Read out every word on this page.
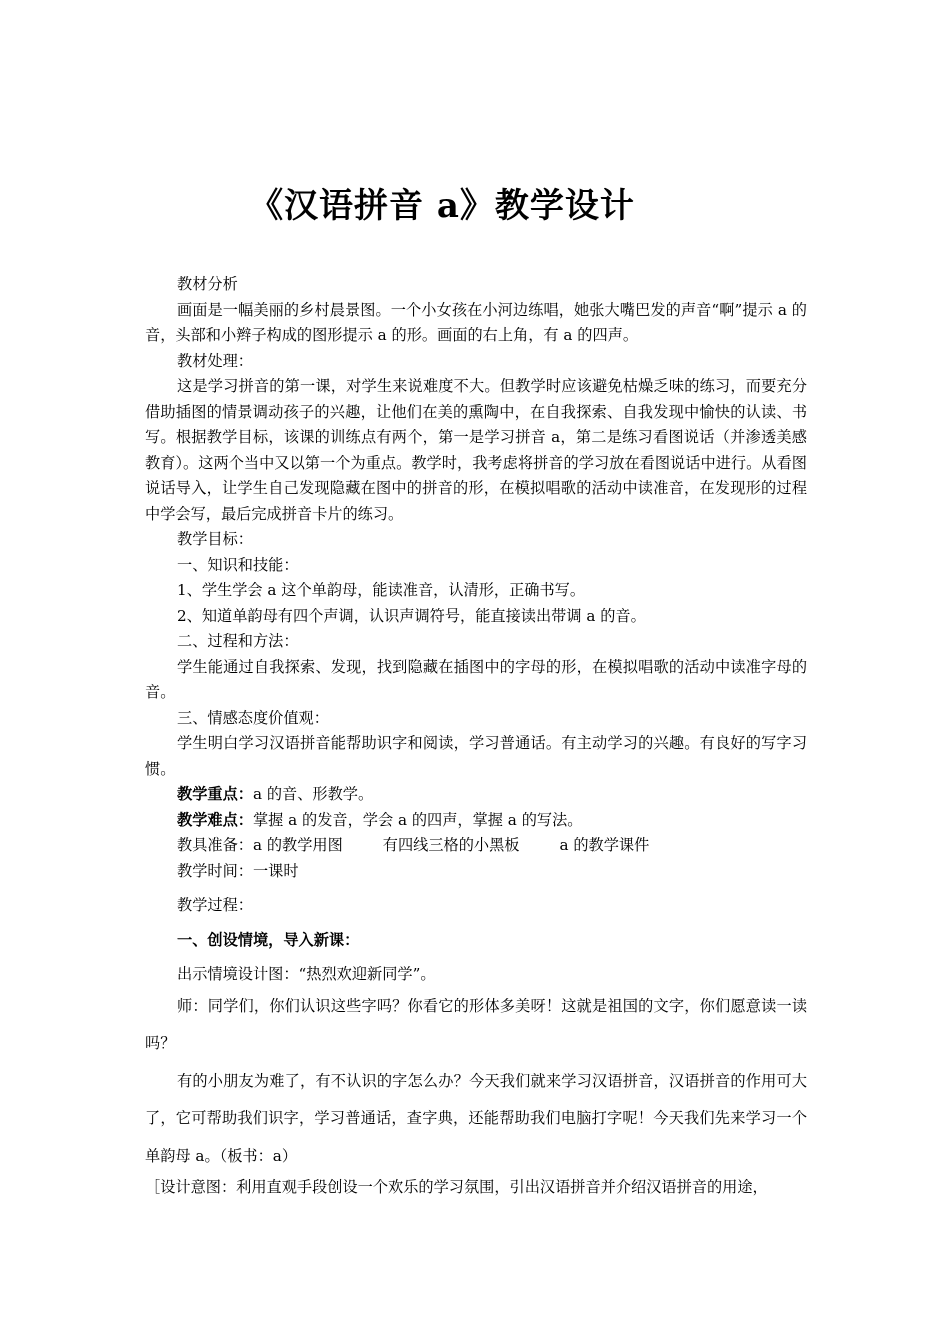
《汉语拼音 a》教学设计

教材分析

画面是一幅美丽的乡村晨景图。一个小女孩在小河边练唱，她张大嘴巴发的声音“啊”提示 a 的音，头部和小辫子构成的图形提示 a 的形。画面的右上角，有 a 的四声。

教材处理：

这是学习拼音的第一课，对学生来说难度不大。但教学时应该避免枯燥乏味的练习，而要充分借助插图的情景调动孩子的兴趣，让他们在美的熏陶中，在自我探索、自我发现中愉快的认读、书写。根据教学目标，该课的训练点有两个，第一是学习拼音 a，第二是练习看图说话（并渗透美感教育）。这两个当中又以第一个为重点。教学时，我考虑将拼音的学习放在看图说话中进行。从看图说话导入，让学生自己发现隐藏在图中的拼音的形，在模拟唱歌的活动中读准音，在发现形的过程中学会写，最后完成拼音卡片的练习。

教学目标：

一、知识和技能：

1、学生学会 a 这个单韵母，能读准音，认清形，正确书写。

2、知道单韵母有四个声调，认识声调符号，能直接读出带调 a 的音。

二、过程和方法：

学生能通过自我探索、发现，找到隐藏在插图中的字母的形，在模拟唱歌的活动中读准字母的音。

三、情感态度价值观：

学生明白学习汉语拼音能帮助识字和阅读，学习普通话。有主动学习的兴趣。有良好的写字习惯。

教学重点：a 的音、形教学。

教学难点：掌握 a 的发音，学会 a 的四声，掌握 a 的写法。

教具准备：a 的教学用图	有四线三格的小黑板	a 的教学课件

教学时间：一课时

教学过程：

一、创设情境，导入新课：

出示情境设计图：“热烈欢迎新同学”。

师：同学们，你们认识这些字吗？你看它的形体多美呀！这就是祖国的文字，你们愿意读一读吗？

有的小朋友为难了，有不认识的字怎么办？今天我们就来学习汉语拼音，汉语拼音的作用可大了，它可帮助我们识字，学习普通话，查字典，还能帮助我们电脑打字呢！今天我们先来学习一个单韵母 a。（板书：a）

［设计意图：利用直观手段创设一个欢乐的学习氛围，引出汉语拼音并介绍汉语拼音的用途，
